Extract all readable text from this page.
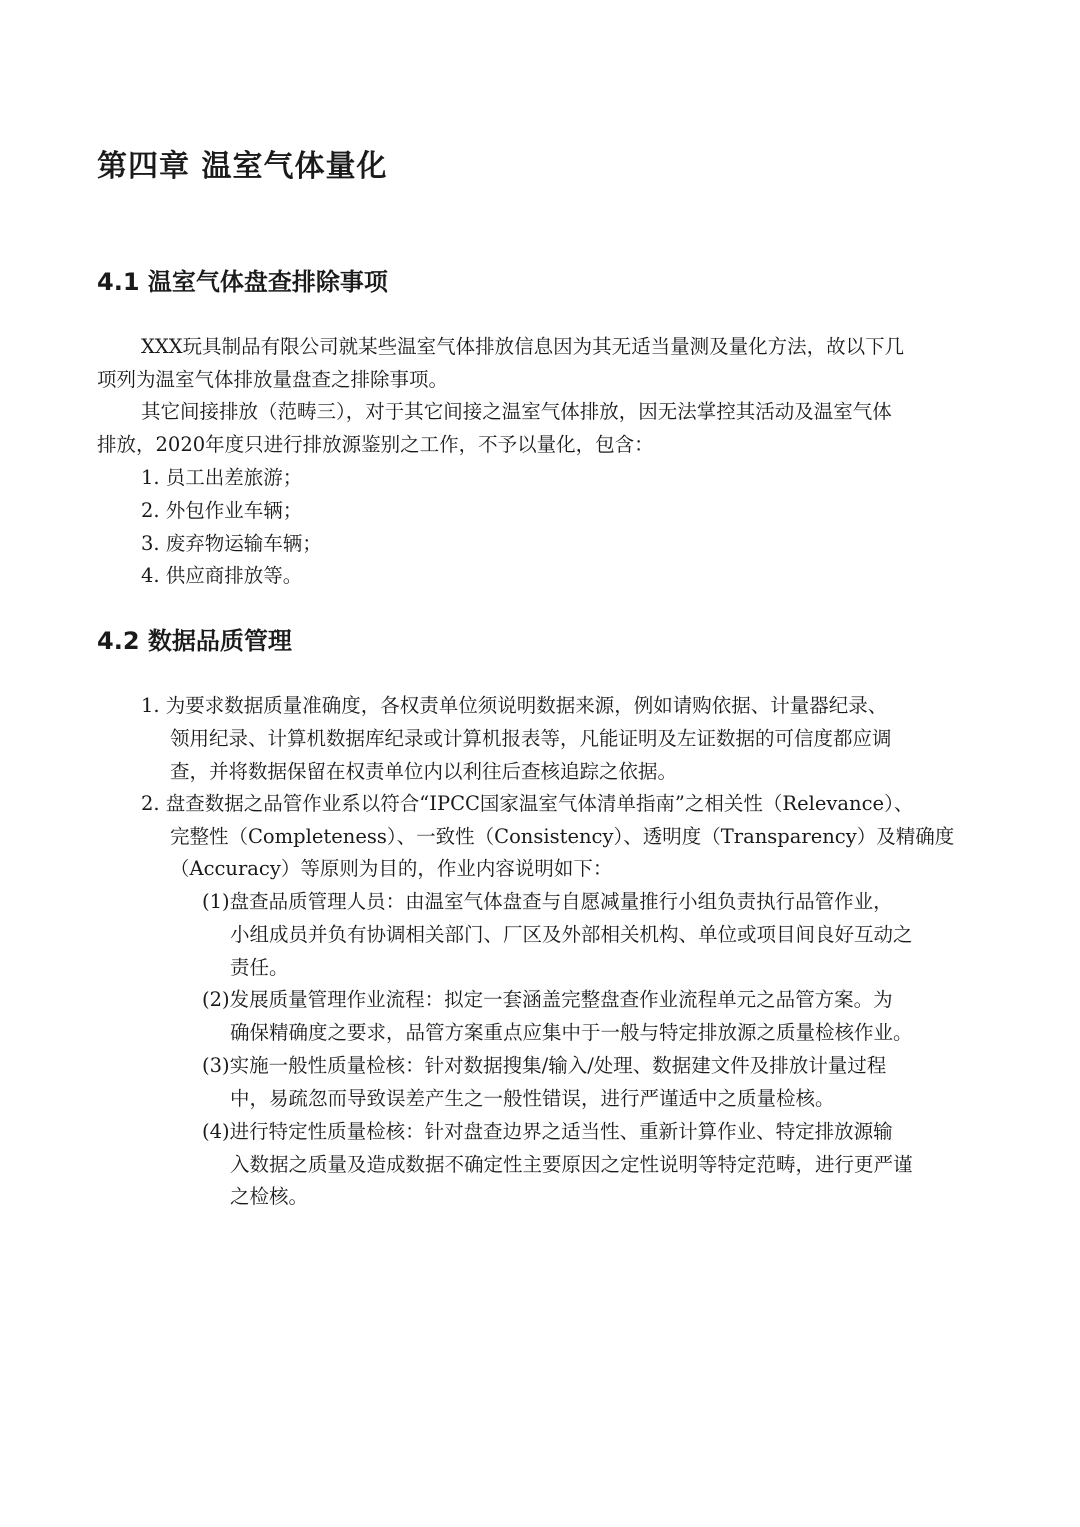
第四章 温室气体量化
4.1 温室气体盘查排除事项

XXX玩具制品有限公司就某些温室气体排放信息因为其无适当量测及量化方法，故以下几

项列为温室气体排放量盘查之排除事项。

其它间接排放（范畴三），对于其它间接之温室气体排放，因无法掌控其活动及温室气体

排放，2020年度只进行排放源鉴别之工作，不予以量化，包含：

1. 员工出差旅游；

2. 外包作业车辆；

3. 废弃物运输车辆；

4. 供应商排放等。

4.2 数据品质管理

1. 为要求数据质量准确度，各权责单位须说明数据来源，例如请购依据、计量器纪录、

领用纪录、计算机数据库纪录或计算机报表等，凡能证明及左证数据的可信度都应调

查，并将数据保留在权责单位内以利往后查核追踪之依据。

2. 盘查数据之品管作业系以符合“IPCC国家温室气体清单指南”之相关性（Relevance）、

完整性（Completeness）、一致性（Consistency）、透明度（Transparency）及精确度

（Accuracy）等原则为目的，作业内容说明如下：

(1)盘查品质管理人员：由温室气体盘查与自愿减量推行小组负责执行品管作业，

小组成员并负有协调相关部门、厂区及外部相关机构、单位或项目间良好互动之

责任。

(2)发展质量管理作业流程：拟定一套涵盖完整盘查作业流程单元之品管方案。为

确保精确度之要求，品管方案重点应集中于一般与特定排放源之质量检核作业。

(3)实施一般性质量检核：针对数据搜集/输入/处理、数据建文件及排放计量过程

中，易疏忽而导致误差产生之一般性错误，进行严谨适中之质量检核。

(4)进行特定性质量检核：针对盘查边界之适当性、重新计算作业、特定排放源输

入数据之质量及造成数据不确定性主要原因之定性说明等特定范畴，进行更严谨

之检核。
